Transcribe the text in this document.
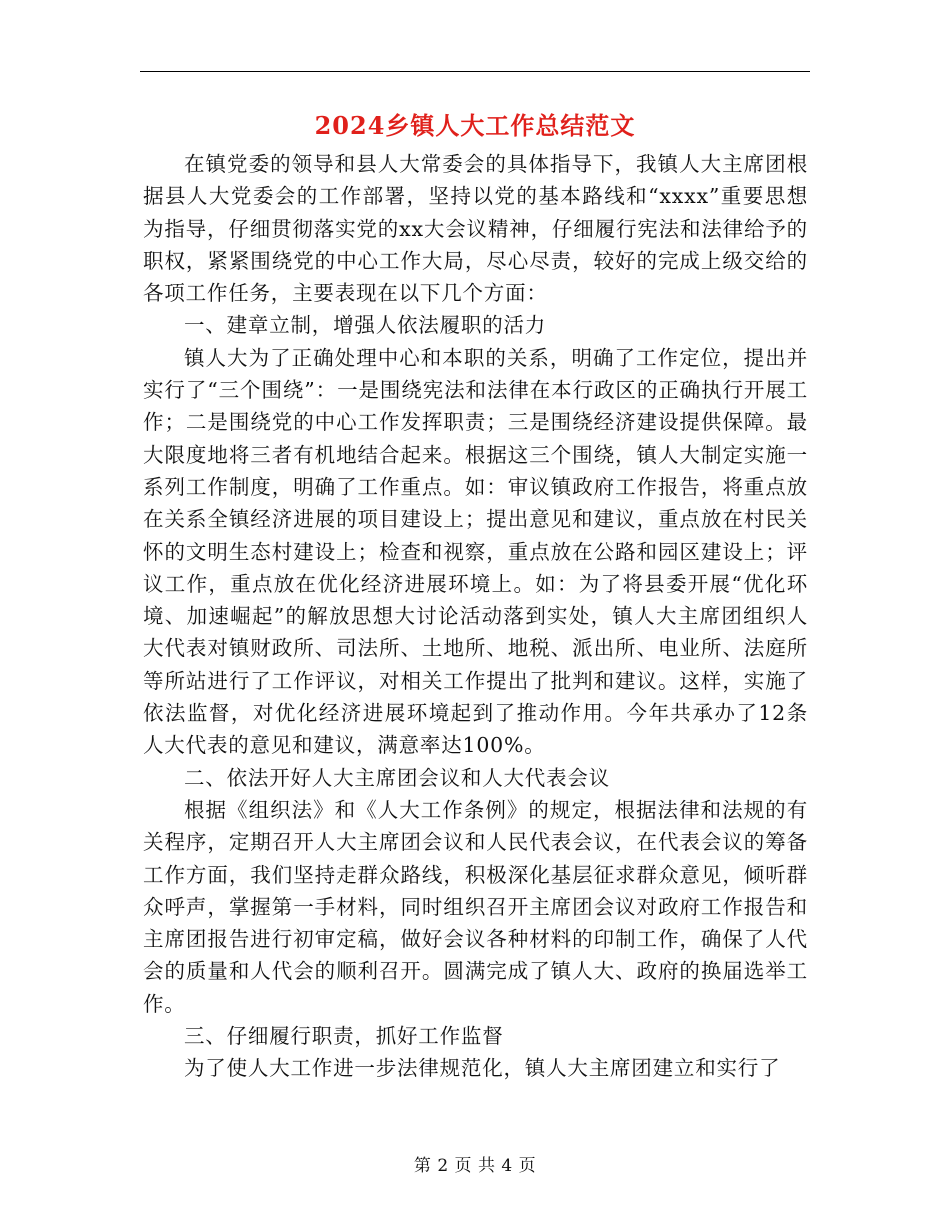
2024乡镇人大工作总结范文

在镇党委的领导和县人大常委会的具体指导下，我镇人大主席团根据县人大党委会的工作部署，坚持以党的基本路线和“xxxx”重要思想为指导，仔细贯彻落实党的xx大会议精神，仔细履行宪法和法律给予的职权，紧紧围绕党的中心工作大局，尽心尽责，较好的完成上级交给的各项工作任务，主要表现在以下几个方面：

一、建章立制，增强人依法履职的活力

镇人大为了正确处理中心和本职的关系，明确了工作定位，提出并实行了“三个围绕”：一是围绕宪法和法律在本行政区的正确执行开展工作；二是围绕党的中心工作发挥职责；三是围绕经济建设提供保障。最大限度地将三者有机地结合起来。根据这三个围绕，镇人大制定实施一系列工作制度，明确了工作重点。如：审议镇政府工作报告，将重点放在关系全镇经济进展的项目建设上；提出意见和建议，重点放在村民关怀的文明生态村建设上；检查和视察，重点放在公路和园区建设上；评议工作，重点放在优化经济进展环境上。如：为了将县委开展“优化环境、加速崛起”的解放思想大讨论活动落到实处，镇人大主席团组织人大代表对镇财政所、司法所、土地所、地税、派出所、电业所、法庭所等所站进行了工作评议，对相关工作提出了批判和建议。这样，实施了依法监督，对优化经济进展环境起到了推动作用。今年共承办了12条人大代表的意见和建议，满意率达100%。

二、依法开好人大主席团会议和人大代表会议

根据《组织法》和《人大工作条例》的规定，根据法律和法规的有关程序，定期召开人大主席团会议和人民代表会议，在代表会议的筹备工作方面，我们坚持走群众路线，积极深化基层征求群众意见，倾听群众呼声，掌握第一手材料，同时组织召开主席团会议对政府工作报告和主席团报告进行初审定稿，做好会议各种材料的印制工作，确保了人代会的质量和人代会的顺利召开。圆满完成了镇人大、政府的换届选举工作。

三、仔细履行职责，抓好工作监督

为了使人大工作进一步法律规范化，镇人大主席团建立和实行了

第 2 页 共 4 页
